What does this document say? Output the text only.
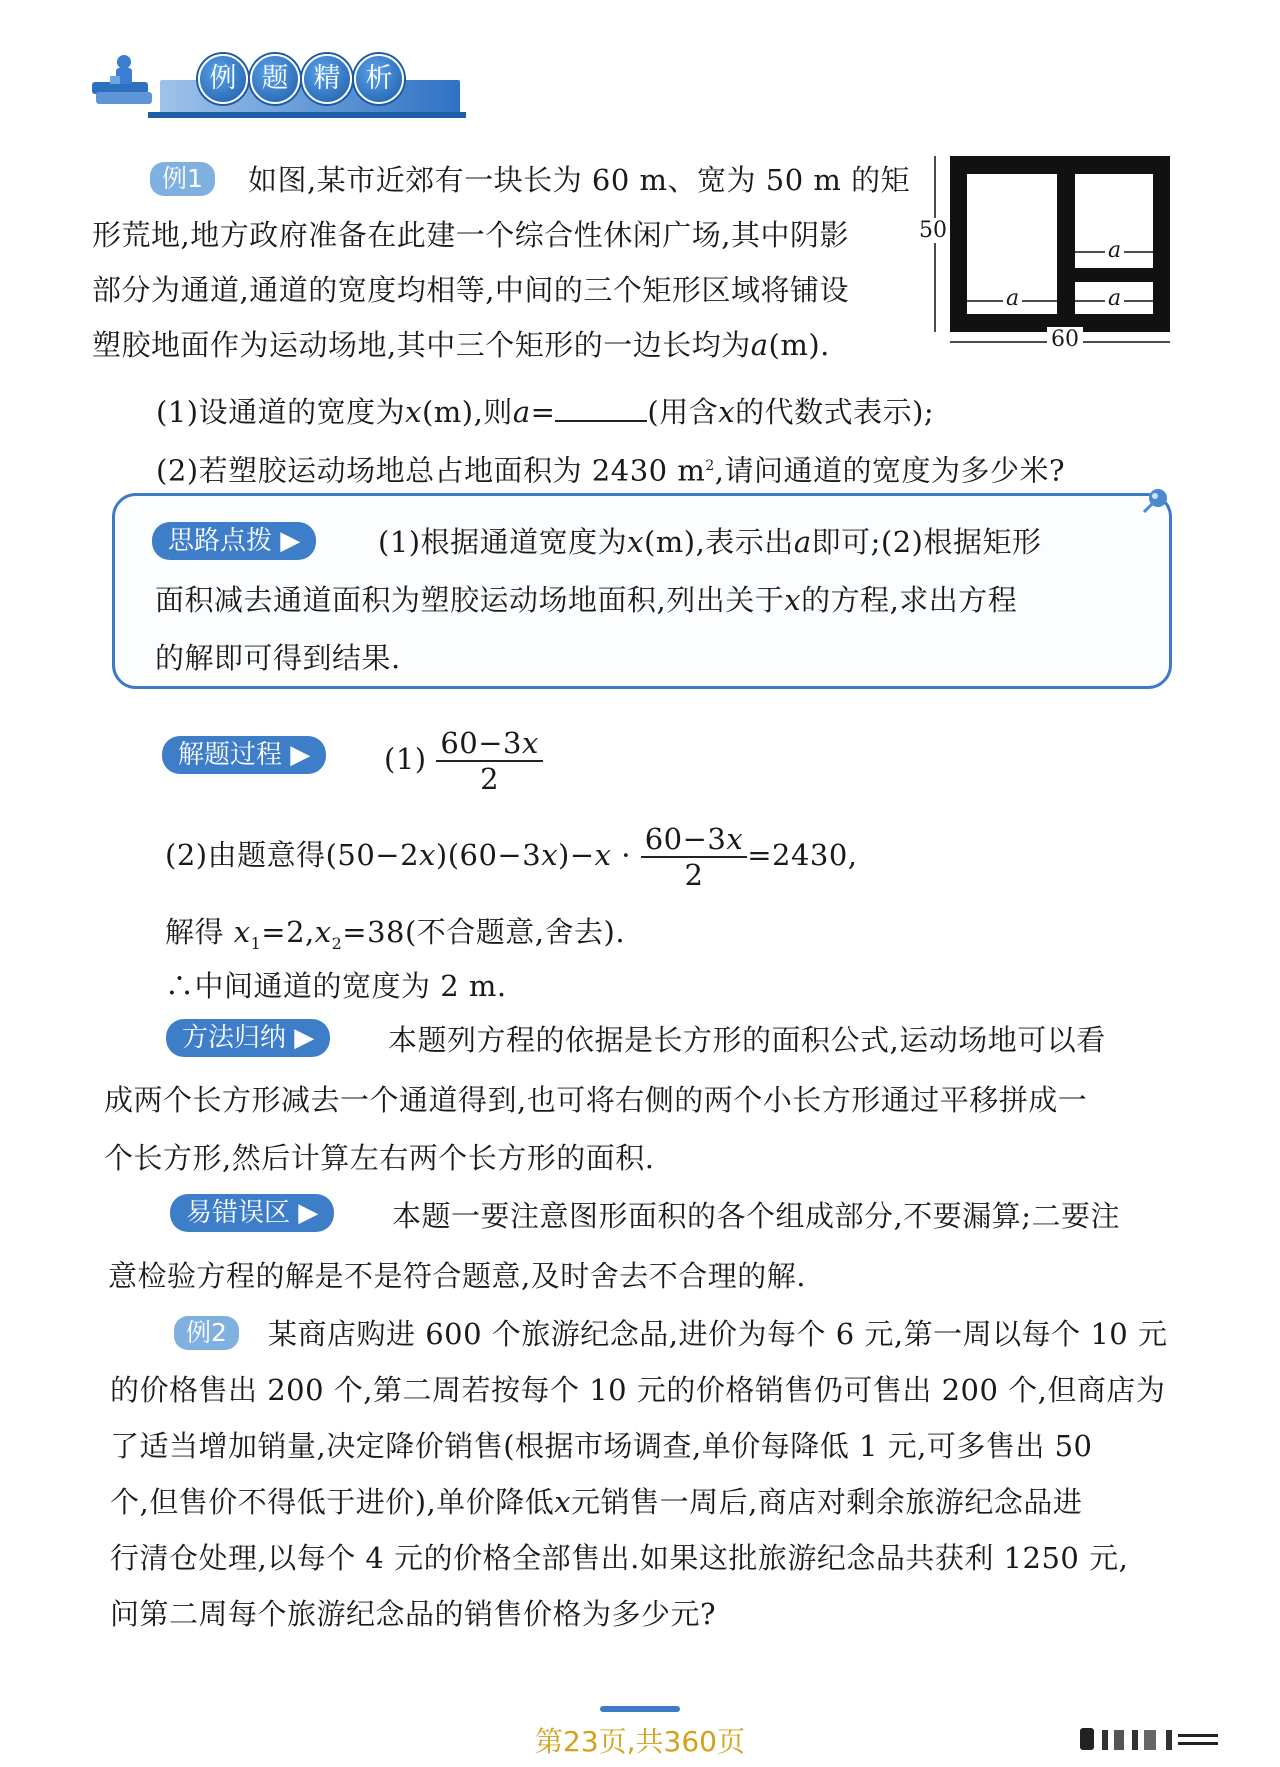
例 题 精 析
例1	如图,某市近郊有一块长为 60 m、宽为 50 m 的矩
形荒地,地方政府准备在此建一个综合性休闲广场,其中阴影
部分为通道,通道的宽度均相等,中间的三个矩形区域将铺设
塑胶地面作为运动场地,其中三个矩形的一边长均为a(m).
50
60
a
a
a
(1)设通道的宽度为x(m),则a=	(用含x的代数式表示);
(2)若塑胶运动场地总占地面积为 2430 $m^2$,请问通道的宽度为多少米?
思路点拨 ▶	(1)根据通道宽度为x(m),表示出a即可;(2)根据矩形
面积减去通道面积为塑胶运动场地面积,列出关于x的方程,求出方程
的解即可得到结果.
解题过程 ▶	$(1) \frac{60-3x}{2}$
(2)由题意得$(50-2x)(60-3x)-x \cdot \frac{60-3x}{2} =2430$,
解得 $x_1=2,x_2=38$(不合题意,舍去).
∴中间通道的宽度为 2 m.
方法归纳 ▶	本题列方程的依据是长方形的面积公式,运动场地可以看
成两个长方形减去一个通道得到,也可将右侧的两个小长方形通过平移拼成一
个长方形,然后计算左右两个长方形的面积.
易错误区 ▶	本题一要注意图形面积的各个组成部分,不要漏算;二要注
意检验方程的解是不是符合题意,及时舍去不合理的解.
例2	某商店购进 600 个旅游纪念品,进价为每个 6 元,第一周以每个 10 元
的价格售出 200 个,第二周若按每个 10 元的价格销售仍可售出 200 个,但商店为
了适当增加销量,决定降价销售(根据市场调查,单价每降低 1 元,可多售出 50
个,但售价不得低于进价),单价降低x元销售一周后,商店对剩余旅游纪念品进
行清仓处理,以每个 4 元的价格全部售出.如果这批旅游纪念品共获利 1250 元,
问第二周每个旅游纪念品的销售价格为多少元?
第23页,共360页
